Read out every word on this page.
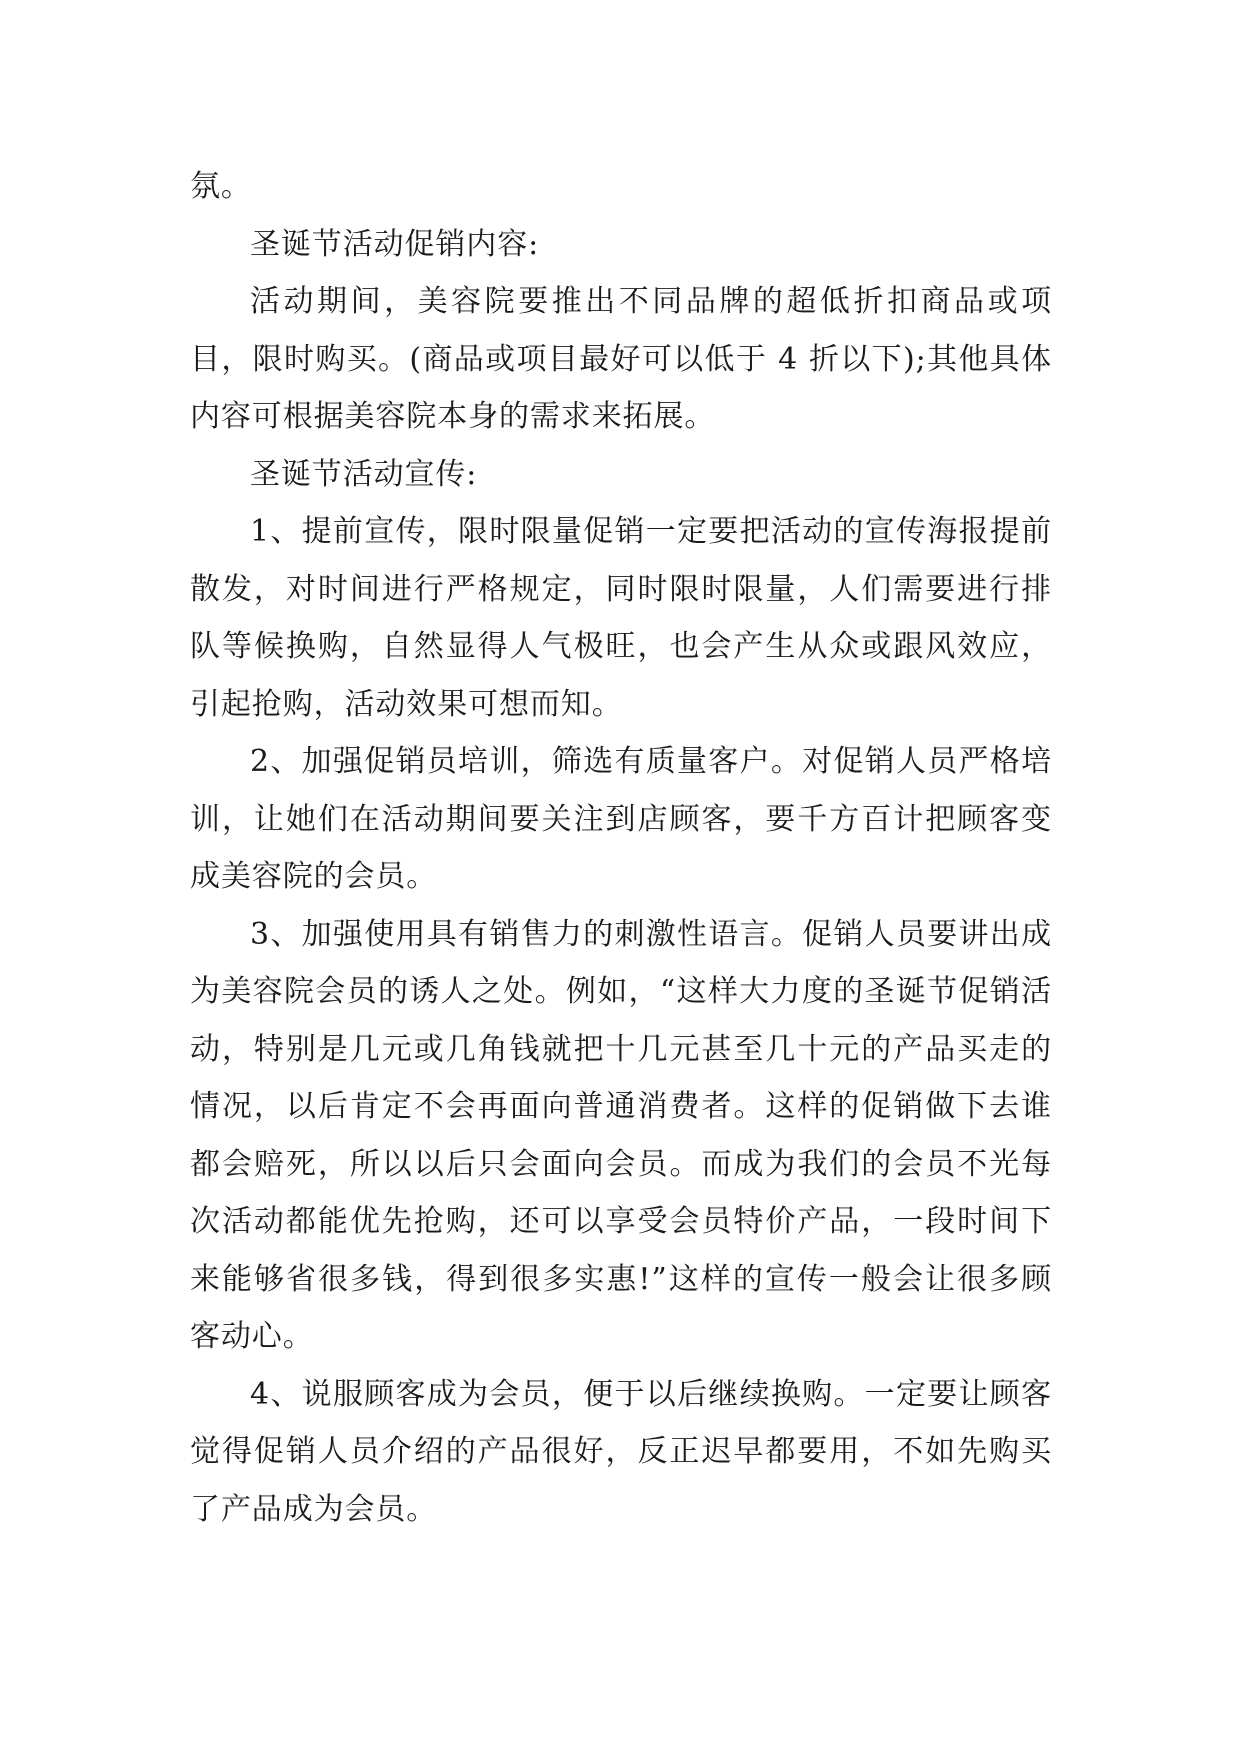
氛。

圣诞节活动促销内容:

活动期间，美容院要推出不同品牌的超低折扣商品或项目，限时购买。(商品或项目最好可以低于 4 折以下);其他具体内容可根据美容院本身的需求来拓展。

圣诞节活动宣传:

1、提前宣传，限时限量促销一定要把活动的宣传海报提前散发，对时间进行严格规定，同时限时限量，人们需要进行排队等候换购，自然显得人气极旺，也会产生从众或跟风效应，引起抢购，活动效果可想而知。

2、加强促销员培训，筛选有质量客户。对促销人员严格培训，让她们在活动期间要关注到店顾客，要千方百计把顾客变成美容院的会员。

3、加强使用具有销售力的刺激性语言。促销人员要讲出成为美容院会员的诱人之处。例如，“这样大力度的圣诞节促销活动，特别是几元或几角钱就把十几元甚至几十元的产品买走的情况，以后肯定不会再面向普通消费者。这样的促销做下去谁都会赔死，所以以后只会面向会员。而成为我们的会员不光每次活动都能优先抢购，还可以享受会员特价产品，一段时间下来能够省很多钱，得到很多实惠!”这样的宣传一般会让很多顾客动心。

4、说服顾客成为会员，便于以后继续换购。一定要让顾客觉得促销人员介绍的产品很好，反正迟早都要用，不如先购买了产品成为会员。
